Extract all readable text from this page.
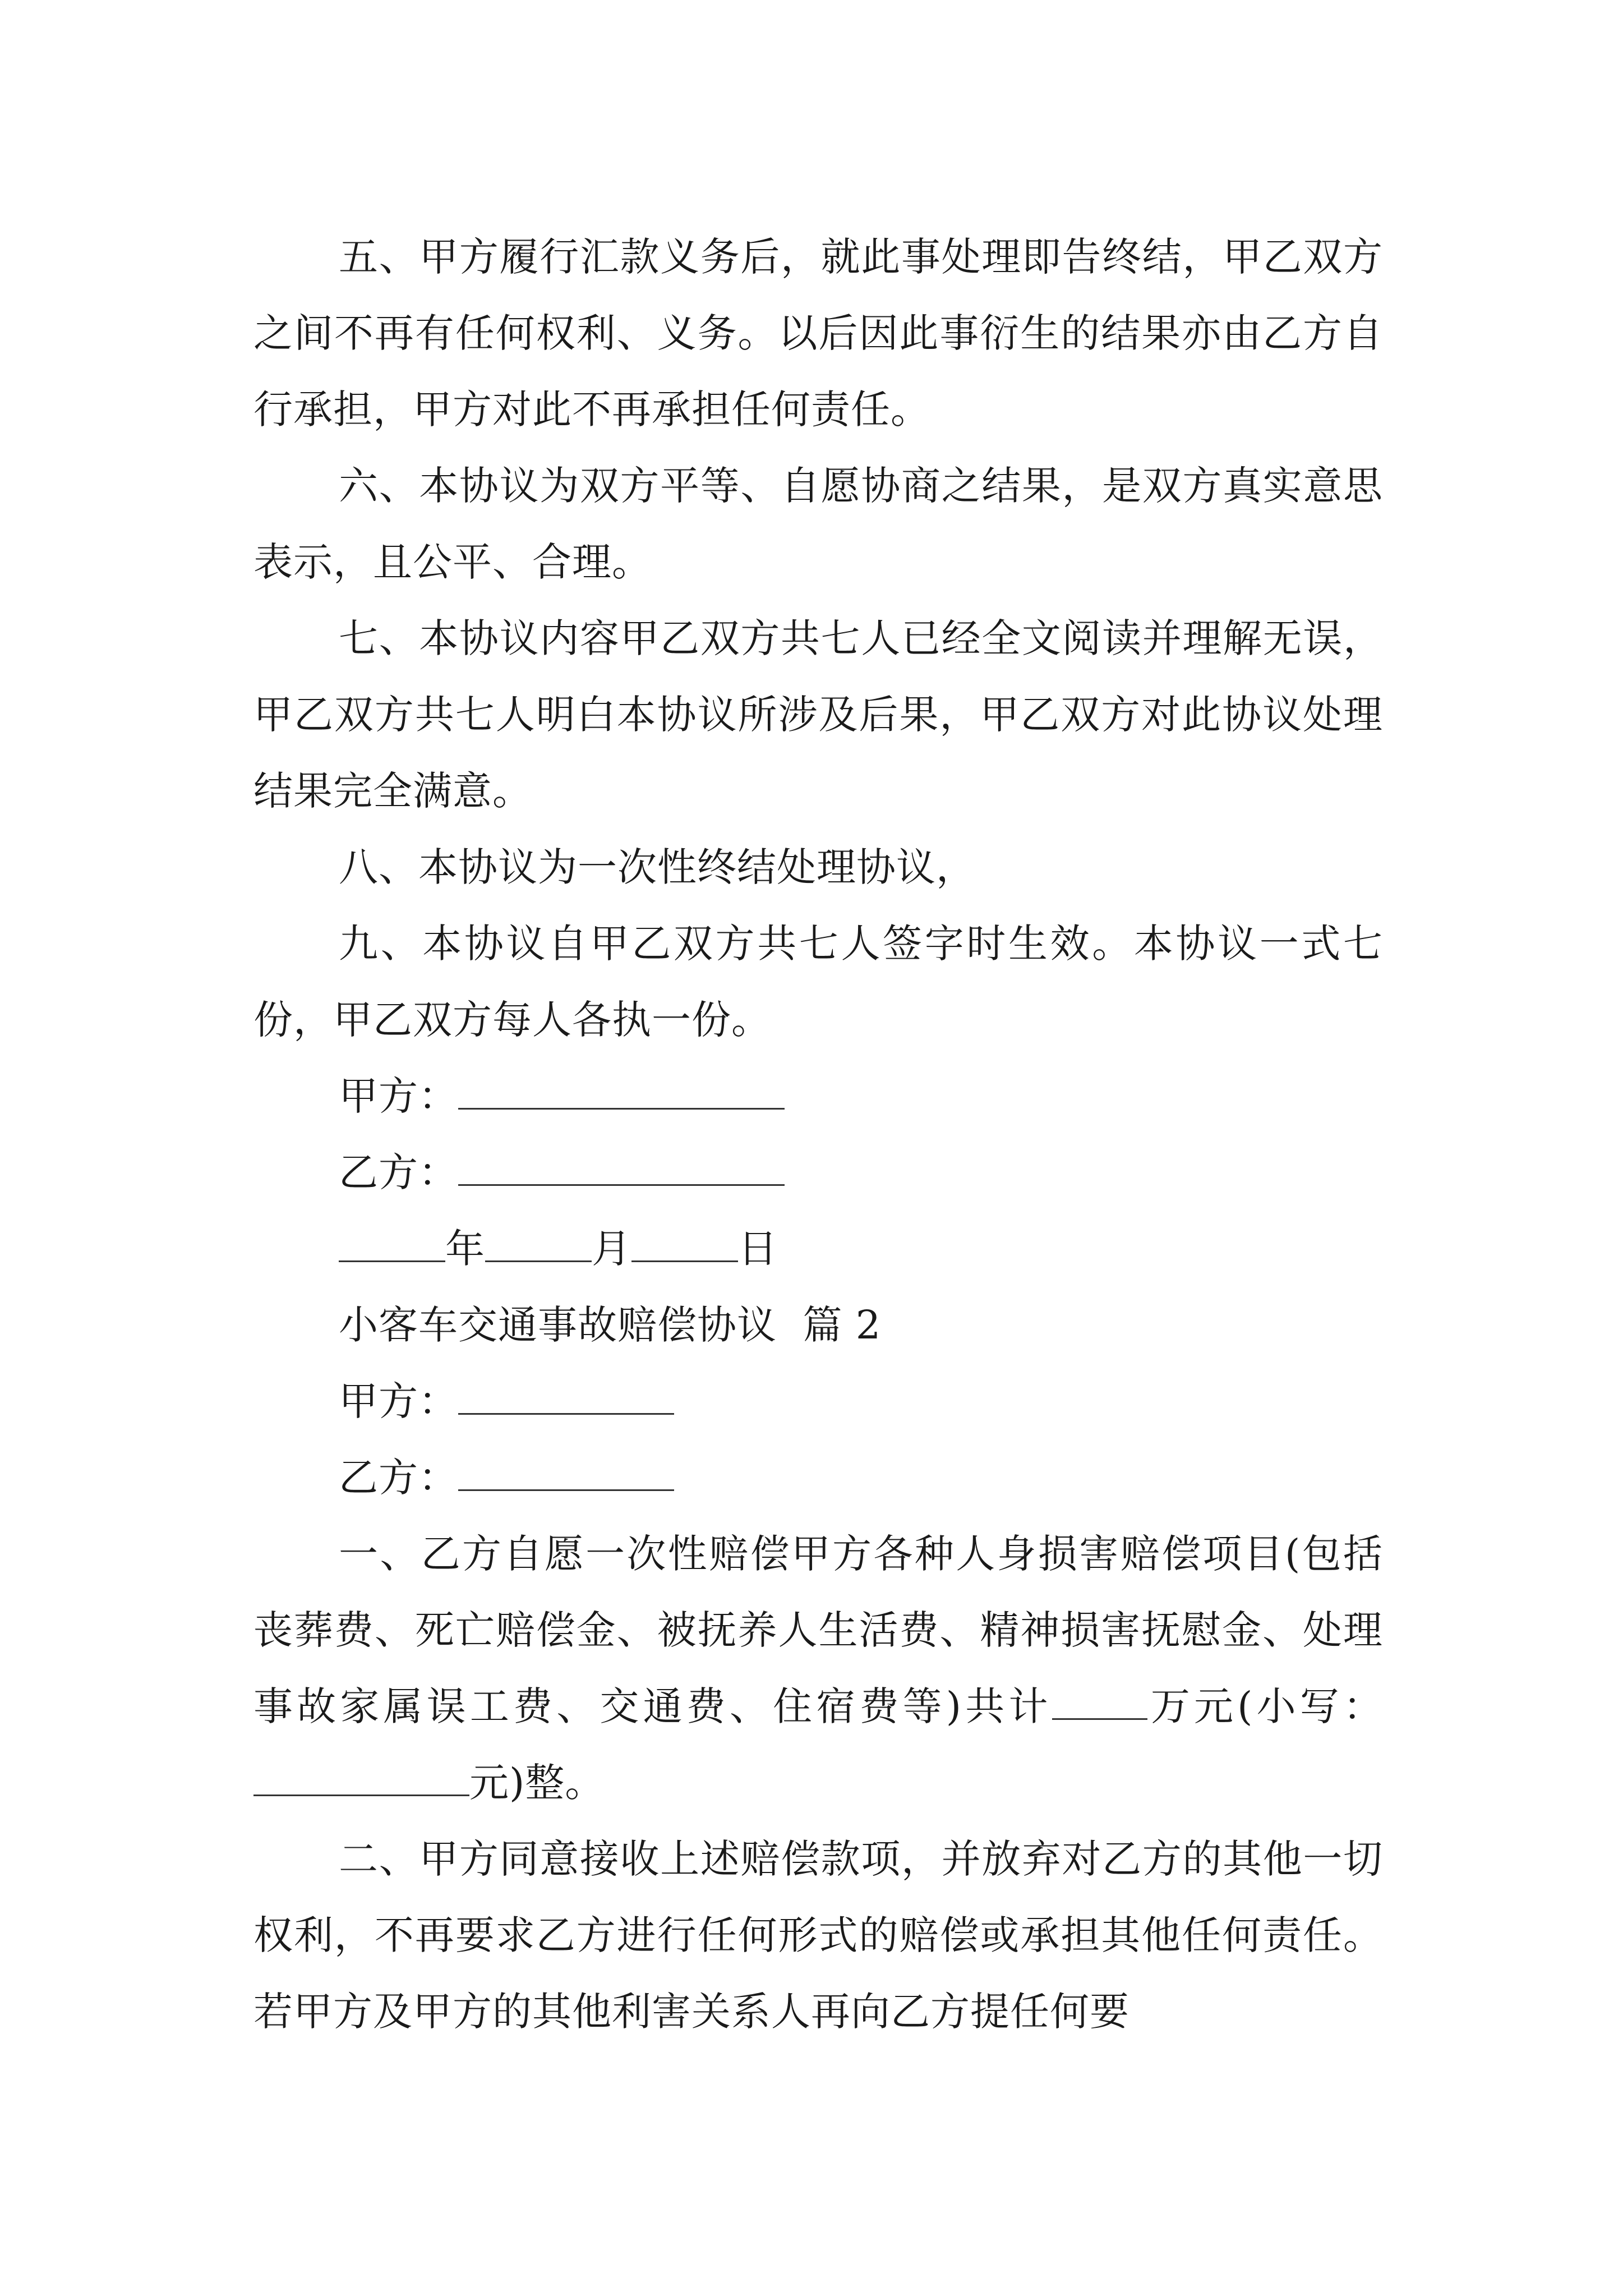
五、甲方履行汇款义务后，就此事处理即告终结，甲乙双方之间不再有任何权利、义务。以后因此事衍生的结果亦由乙方自行承担，甲方对此不再承担任何责任。

六、本协议为双方平等、自愿协商之结果，是双方真实意思表示，且公平、合理。

七、本协议内容甲乙双方共七人已经全文阅读并理解无误，甲乙双方共七人明白本协议所涉及后果，甲乙双方对此协议处理结果完全满意。

八、本协议为一次性终结处理协议，

九、本协议自甲乙双方共七人签字时生效。本协议一式七份，甲乙双方每人各执一份。

甲方：

乙方：

年	月	日

小客车交通事故赔偿协议  篇 2

甲方：

乙方：

一、乙方自愿一次性赔偿甲方各种人身损害赔偿项目(包括丧葬费、死亡赔偿金、被抚养人生活费、精神损害抚慰金、处理事故家属误工费、交通费、住宿费等)共计 万元(小写：元)整。

二、甲方同意接收上述赔偿款项，并放弃对乙方的其他一切权利，不再要求乙方进行任何形式的赔偿或承担其他任何责任。若甲方及甲方的其他利害关系人再向乙方提任何要
